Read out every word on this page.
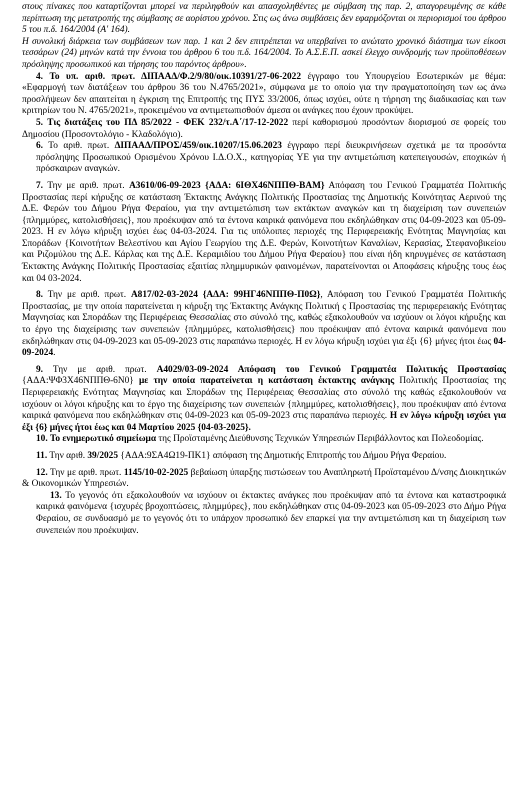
στους πίνακες που καταρτίζονται μπορεί να περιληφθούν και απασχοληθέντες με σύμβαση της παρ. 2, απαγορευμένης σε κάθε περίπτωση της μετατροπής της σύμβασης σε αορίστου χρόνου. Στις ως άνω συμβάσεις δεν εφαρμόζονται οι περιορισμοί του άρθρου 5 του π.δ. 164/2004 (Α' 164).

Η συνολική διάρκεια των συμβάσεων των παρ. 1 και 2 δεν επιτρέπεται να υπερβαίνει το ανώτατο χρονικό διάστημα των είκοσι τεσσάρων (24) μηνών κατά την έννοια του άρθρου 6 του π.δ. 164/2004. Το Α.Σ.Ε.Π. ασκεί έλεγχο συνδρομής των προϋποθέσεων πρόσληψης προσωπικού και τήρησης του παρόντος άρθρου».

4. Το υπ. αριθ. πρωτ. ΔΙΠΑΑΔ/Φ.2/9/80/οικ.10391/27-06-2022 έγγραφο του Υπουργείου Εσωτερικών με θέμα: «Εφαρμογή των διατάξεων του άρθρου 36 του Ν.4765/2021», σύμφωνα με το οποίο για την πραγματοποίηση των ως άνω προσλήψεων δεν απαιτείται η έγκριση της Επιτροπής της ΠΥΣ 33/2006, όπως ισχύει, ούτε η τήρηση της διαδικασίας και των κριτηρίων του Ν. 4765/2021», προκειμένου να αντιμετωπισθούν άμεσα οι ανάγκες που έχουν προκύψει.

5. Τις διατάξεις του ΠΔ 85/2022 - ΦΕΚ 232/τ.Α΄/17-12-2022 περί καθορισμού προσόντων διορισμού σε φορείς του Δημοσίου (Προσοντολόγιο - Κλαδολόγιο).

6. Το αριθ. πρωτ. ΔΙΠΑΑΔ/ΠΡΟΣ/459/οικ.10207/15.06.2023 έγγραφο περί διευκρινήσεων σχετικά με τα προσόντα πρόσληψης Προσωπικού Ορισμένου Χρόνου Ι.Δ.Ο.Χ., κατηγορίας ΥΕ για την αντιμετώπιση κατεπειγουσών, εποχικών ή πρόσκαιρων αναγκών.

7. Την με αριθ. πρωτ. Α3610/06-09-2023 {ΑΔΑ: 6ΙΘΧ46ΝΠΠΘ-ΒΑΜ} Απόφαση του Γενικού Γραμματέα Πολιτικής Προστασίας περί κήρυξης σε κατάσταση Έκτακτης Ανάγκης Πολιτικής Προστασίας της Δημοτικής Κοινότητας Αερινού της Δ.Ε. Φερών του Δήμου Ρήγα Φεραίου, για την αντιμετώπιση των εκτάκτων αναγκών και τη διαχείριση των συνεπειών {πλημμύρες, κατολισθήσεις}, που προέκυψαν από τα έντονα καιρικά φαινόμενα που εκδηλώθηκαν στις 04-09-2023 και 05-09-2023. Η εν λόγω κήρυξη ισχύει έως 04-03-2024. Για τις υπόλοιπες περιοχές της Περιφερειακής Ενότητας Μαγνησίας και Σποράδων {Κοινοτήτων Βελεστίνου και Αγίου Γεωργίου της Δ.Ε. Φερών, Κοινοτήτων Καναλίων, Κερασίας, Στεφανοβικείου και Ριζομύλου της Δ.Ε. Κάρλας και της Δ.Ε. Κεραμιδίου του Δήμου Ρήγα Φεραίου} που είναι ήδη κηρυγμένες σε κατάσταση Έκτακτης Ανάγκης Πολιτικής Προστασίας εξαιτίας πλημμυρικών φαινομένων, παρατείνονται οι Αποφάσεις κήρυξης τους έως και 04 03-2024.

8. Την με αριθ. πρωτ. Α817/02-03-2024 {ΑΔΑ: 99ΗΓ46ΝΠΠΘ-Π0Ω}, Απόφαση του Γενικού Γραμματέα Πολιτικής Προστασίας, με την οποία παρατείνεται η κήρυξη της Έκτακτης Ανάγκης Πολιτική ς Προστασίας της περιφερειακής Ενότητας Μαγνησίας και Σποράδων της Περιφέρειας Θεσσαλίας στο σύνολό της, καθώς εξακολουθούν να ισχύουν οι λόγοι κήρυξης και το έργο της διαχείρισης των συνεπειών {πλημμύρες, κατολισθήσεις} που προέκυψαν από έντονα καιρικά φαινόμενα που εκδηλώθηκαν στις 04-09-2023 και 05-09-2023 στις παραπάνω περιοχές. Η εν λόγω κήρυξη ισχύει για έξι {6} μήνες ήτοι έως 04-09-2024.

9. Την με αριθ. πρωτ. Α4029/03-09-2024 Απόφαση του Γενικού Γραμματέα Πολιτικής Προστασίας {ΑΔΑ:ΨΦ3Χ46ΝΠΠΘ-6Ν0} με την οποία παρατείνεται η κατάσταση έκτακτης ανάγκης Πολιτικής Προστασίας της Περιφερειακής Ενότητας Μαγνησίας και Σποράδων της Περιφέρειας Θεσσαλίας στο σύνολό της καθώς εξακολουθούν να ισχύουν οι λόγοι κήρυξης και το έργο της διαχείρισης των συνεπειών {πλημμύρες, κατολισθήσεις}, που προέκυψαν από έντονα καιρικά φαινόμενα που εκδηλώθηκαν στις 04-09-2023 και 05-09-2023 στις παραπάνω περιοχές. Η εν λόγω κήρυξη ισχύει για έξι {6} μήνες ήτοι έως και 04 Μαρτίου 2025 {04-03-2025}.

10. Το ενημερωτικό σημείωμα της Προϊσταμένης Διεύθυνσης Τεχνικών Υπηρεσιών Περιβάλλοντος και Πολεοδομίας.

11. Την αριθ. 39/2025 {ΑΔΑ:9ΣΑ4Ω19-ΠΚ1} απόφαση της Δημοτικής Επιτροπής του Δήμου Ρήγα Φεραίου.

12. Την με αριθ. πρωτ. 1145/10-02-2025 βεβαίωση ύπαρξης πιστώσεων του Αναπληρωτή Προϊσταμένου Δ/νσης Διοικητικών & Οικονομικών Υπηρεσιών.

13. Το γεγονός ότι εξακολουθούν να ισχύουν οι έκτακτες ανάγκες που προέκυψαν από τα έντονα και καταστροφικά καιρικά φαινόμενα {ισχυρές βροχοπτώσεις, πλημμύρες}, που εκδηλώθηκαν στις 04-09-2023 και 05-09-2023 στο Δήμο Ρήγα Φεραίου, σε συνδυασμό με το γεγονός ότι το υπάρχον προσωπικό δεν επαρκεί για την αντιμετώπιση και τη διαχείριση των συνεπειών που προέκυψαν.
